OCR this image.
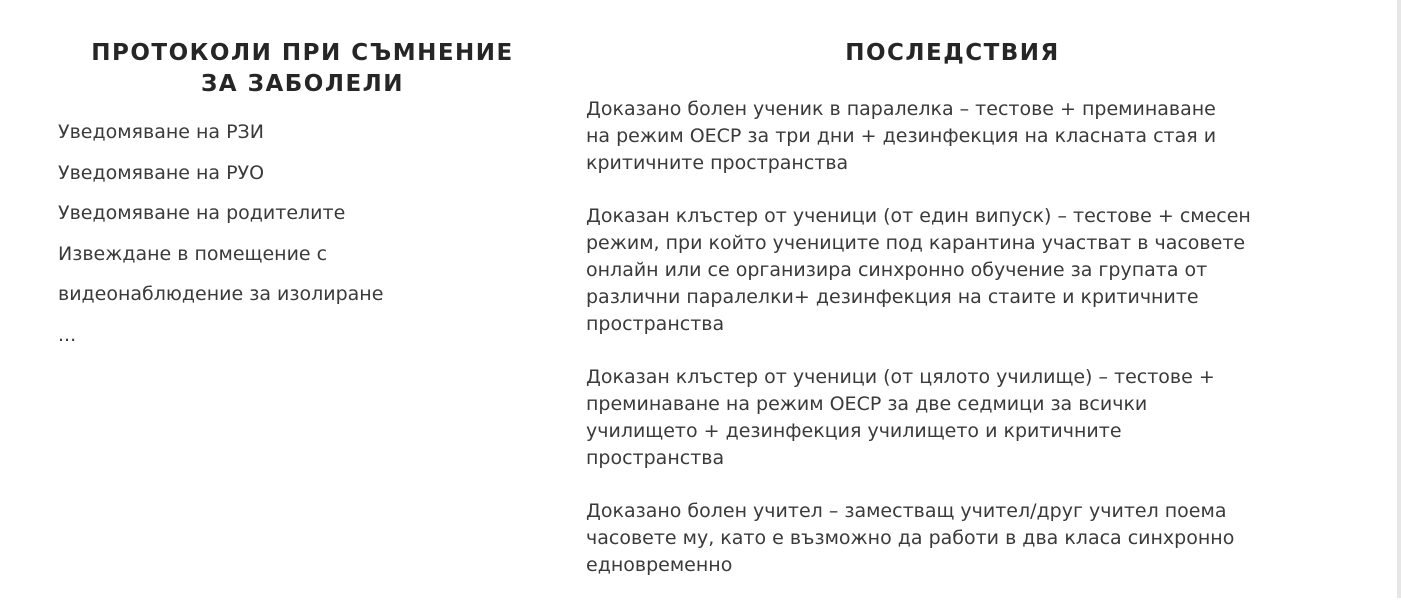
ПРОТОКОЛИ ПРИ СЪМНЕНИЕ ЗА ЗАБОЛЕЛИ
Уведомяване на РЗИ
Уведомяване на РУО
Уведомяване на родителите
Извеждане в помещение с
видеонаблюдение за изолиране
...
ПОСЛЕДСТВИЯ

Доказано болен ученик в паралелка – тестове + преминаване
на режим ОЕСР за три дни + дезинфекция на класната стая и
критичните пространства

Доказан клъстер от ученици (от един випуск) – тестове + смесен
режим, при който учениците под карантина участват в часовете
онлайн или се организира синхронно обучение за групата от
различни паралелки+ дезинфекция на стаите и критичните
пространства

Доказан клъстер от ученици (от цялото училище) – тестове +
преминаване на режим ОЕСР за две седмици за всички
училището + дезинфекция училището и критичните
пространства

Доказано болен учител – заместващ учител/друг учител поема
часовете му, като е възможно да работи в два класа синхронно
едновременно
